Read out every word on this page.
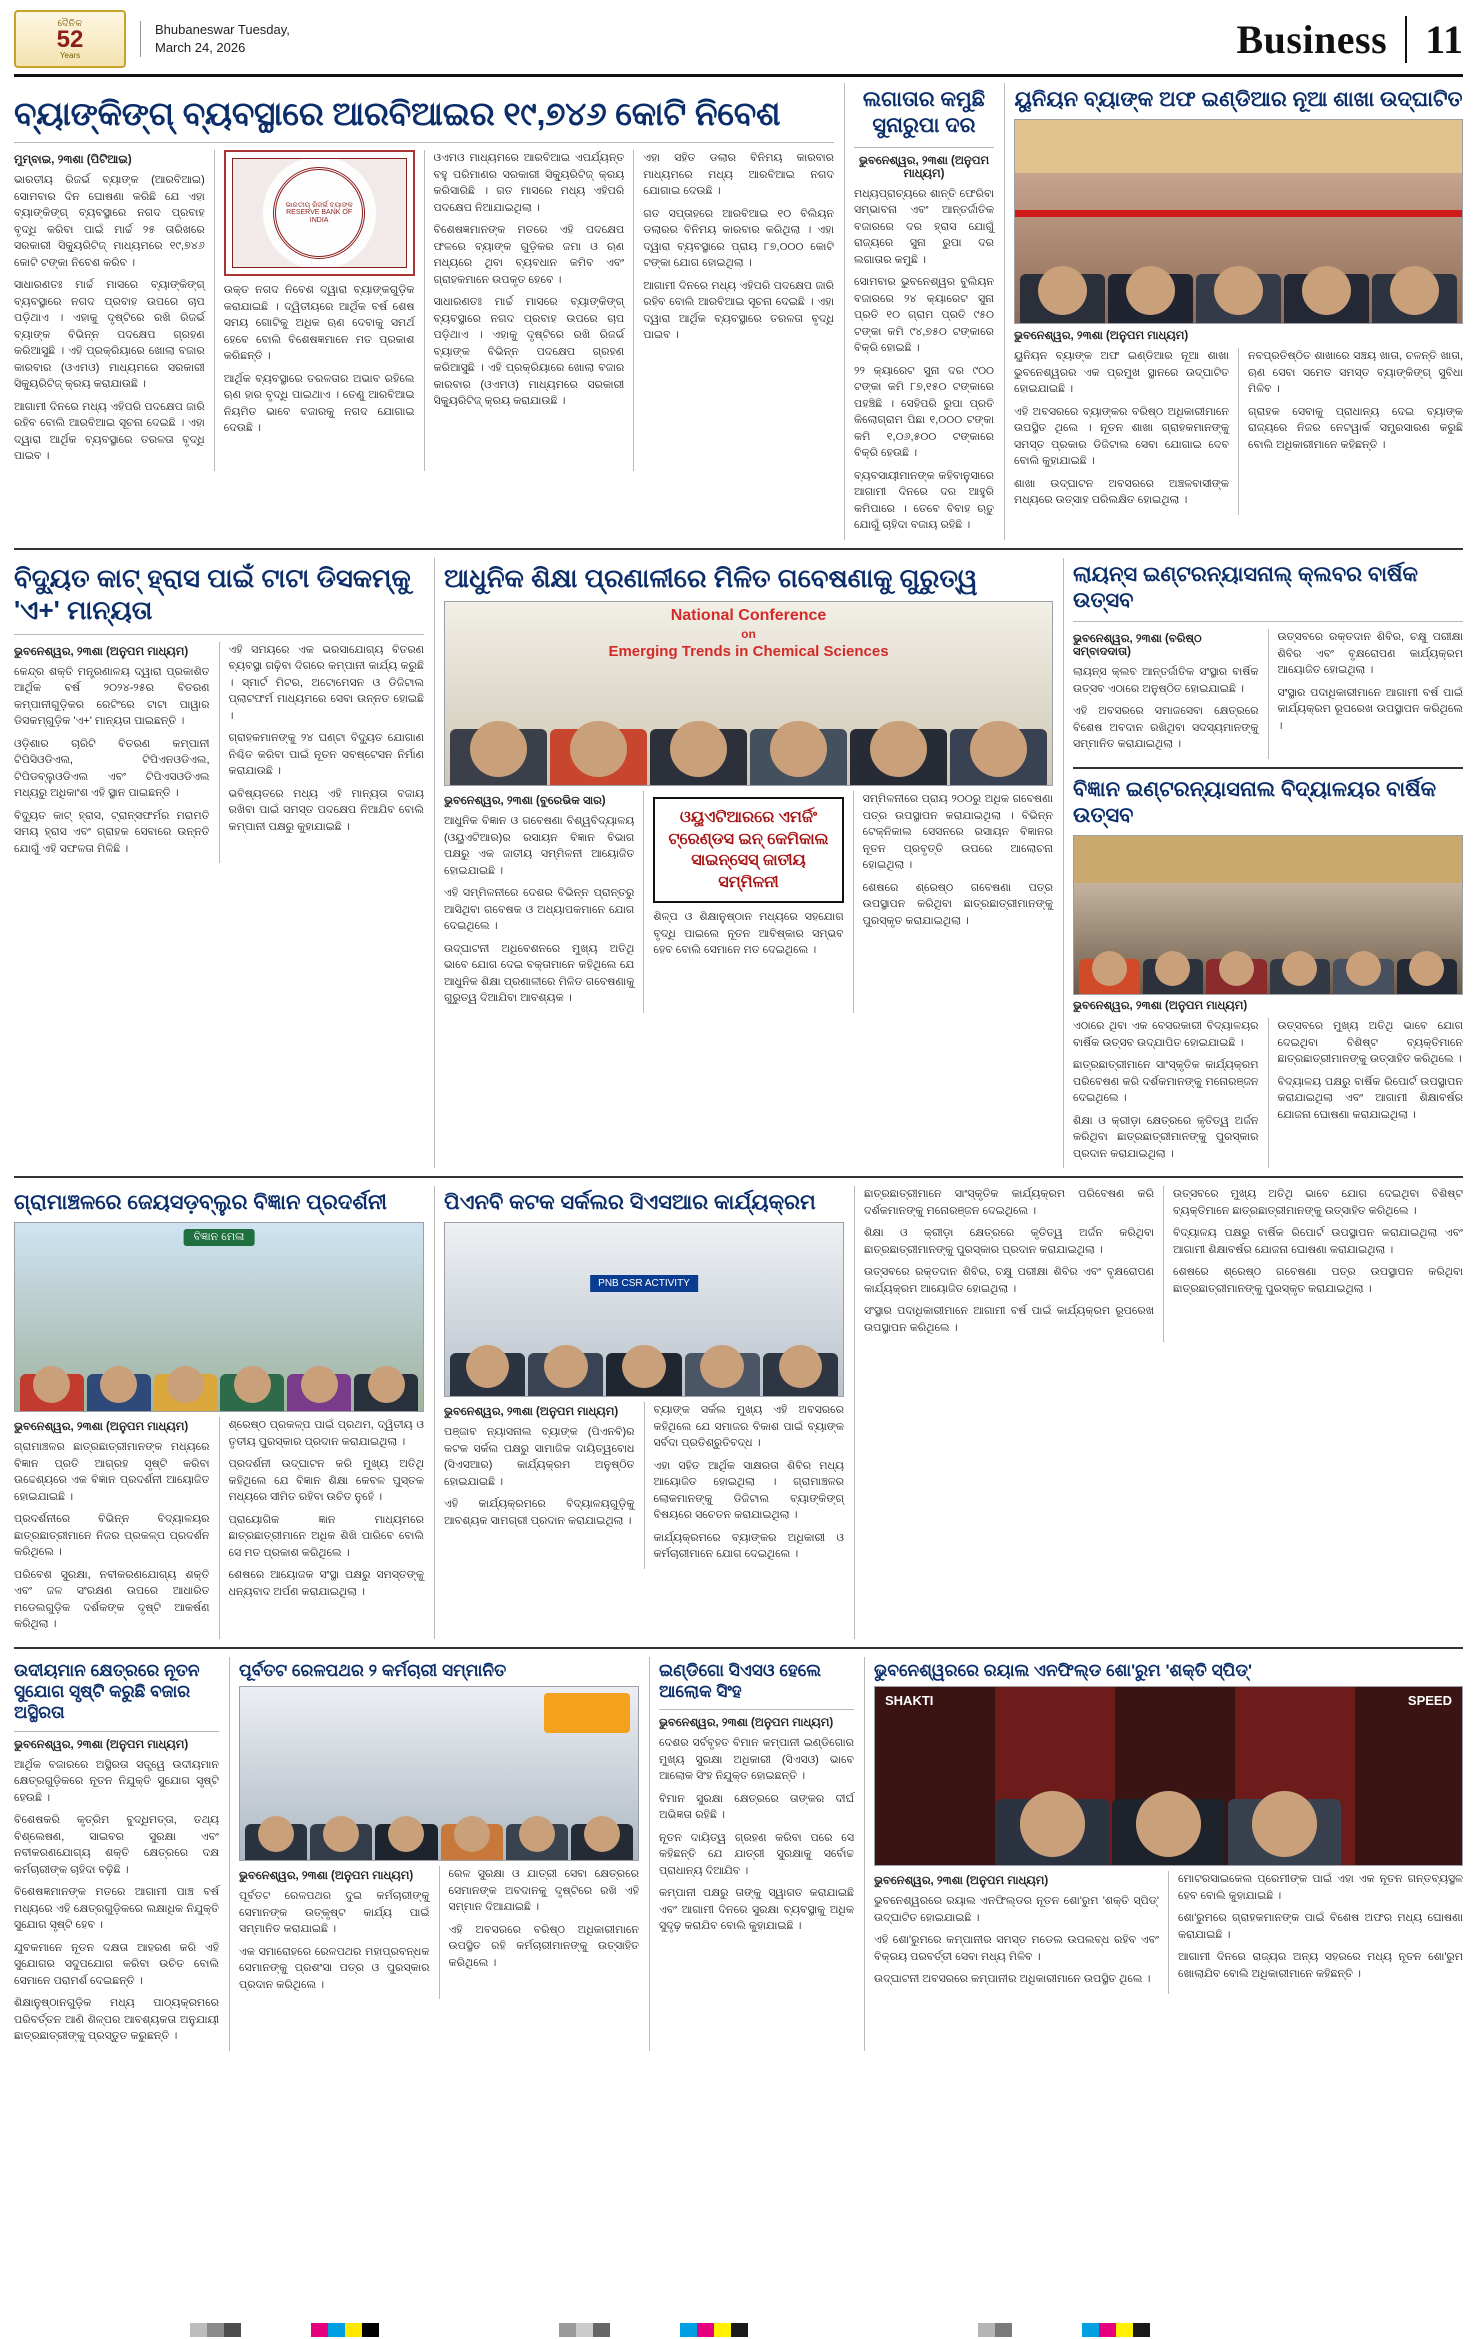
ଦୈନିକ
52
Years
Bhubaneswar Tuesday,
March 24, 2026	Business 11
ବ୍ୟାଙ୍କିଙ୍ଗ୍ ବ୍ୟବସ୍ଥାରେ ଆରବିଆଇର ୧୯,୭୪୬ କୋଟି ନିବେଶ
ମୁମ୍ବାଇ, ୨୩ଶା (ପିଟିଆଇ)

ଭାରତୀୟ ରିଜର୍ଭ ବ୍ୟାଙ୍କ (ଆରବିଆଇ) ସୋମବାର ଦିନ ଘୋଷଣା କରିଛି ଯେ ଏହା ବ୍ୟାଙ୍କିଙ୍ଗ୍ ବ୍ୟବସ୍ଥାରେ ନଗଦ ପ୍ରବାହ ବୃଦ୍ଧି କରିବା ପାଇଁ ମାର୍ଚ୍ଚ ୨୫ ତାରିଖରେ ସରକାରୀ ସିକ୍ୟୁରିଟିଜ୍ ମାଧ୍ୟମରେ ୧୯,୭୪୬ କୋଟି ଟଙ୍କା ନିବେଶ କରିବ ।

ସାଧାରଣତଃ ମାର୍ଚ୍ଚ ମାସରେ ବ୍ୟାଙ୍କିଙ୍ଗ୍ ବ୍ୟବସ୍ଥାରେ ନଗଦ ପ୍ରବାହ ଉପରେ ଚାପ ପଡ଼ିଥାଏ । ଏହାକୁ ଦୃଷ୍ଟିରେ ରଖି ରିଜର୍ଭ ବ୍ୟାଙ୍କ ବିଭିନ୍ନ ପଦକ୍ଷେପ ଗ୍ରହଣ କରିଆସୁଛି । ଏହି ପ୍ରକ୍ରିୟାରେ ଖୋଲା ବଜାର କାରବାର (ଓଏମଓ) ମାଧ୍ୟମରେ ସରକାରୀ ସିକ୍ୟୁରିଟିଜ୍ କ୍ରୟ କରାଯାଉଛି ।

ଆଗାମୀ ଦିନରେ ମଧ୍ୟ ଏହିପରି ପଦକ୍ଷେପ ଜାରି ରହିବ ବୋଲି ଆରବିଆଇ ସୂଚନା ଦେଇଛି । ଏହା ଦ୍ୱାରା ଆର୍ଥିକ ବ୍ୟବସ୍ଥାରେ ତରଳତା ବୃଦ୍ଧି ପାଇବ ।

ଭାରତୀୟ ରିଜର୍ଭ ବ୍ୟାଙ୍କ RESERVE BANK OF INDIA

ଉକ୍ତ ନଗଦ ନିବେଶ ଦ୍ୱାରା ବ୍ୟାଙ୍କଗୁଡ଼ିକ କରାଯାଇଛି । ଦ୍ୱିତୀୟରେ ଆର୍ଥିକ ବର୍ଷ ଶେଷ ସମୟ ଗୋଟିକୁ ଅଧିକ ଋଣ ଦେବାକୁ ସମର୍ଥ ହେବେ ବୋଲି ବିଶେଷଜ୍ଞମାନେ ମତ ପ୍ରକାଶ କରିଛନ୍ତି ।

ଆର୍ଥିକ ବ୍ୟବସ୍ଥାରେ ତରଳତାର ଅଭାବ ରହିଲେ ଋଣ ହାର ବୃଦ୍ଧି ପାଇଥାଏ । ତେଣୁ ଆରବିଆଇ ନିୟମିତ ଭାବେ ବଜାରକୁ ନଗଦ ଯୋଗାଇ ଦେଉଛି ।

ଓଏମଓ ମାଧ୍ୟମରେ ଆରବିଆଇ ଏପର୍ଯ୍ୟନ୍ତ ବହୁ ପରିମାଣର ସରକାରୀ ସିକ୍ୟୁରିଟିଜ୍ କ୍ରୟ କରିସାରିଛି । ଗତ ମାସରେ ମଧ୍ୟ ଏହିପରି ପଦକ୍ଷେପ ନିଆଯାଇଥିଲା ।

ବିଶେଷଜ୍ଞମାନଙ୍କ ମତରେ ଏହି ପଦକ୍ଷେପ ଫଳରେ ବ୍ୟାଙ୍କ ଗୁଡ଼ିକର ଜମା ଓ ଋଣ ମଧ୍ୟରେ ଥିବା ବ୍ୟବଧାନ କମିବ ଏବଂ ଗ୍ରାହକମାନେ ଉପକୃତ ହେବେ ।

ସାଧାରଣତଃ ମାର୍ଚ୍ଚ ମାସରେ ବ୍ୟାଙ୍କିଙ୍ଗ୍ ବ୍ୟବସ୍ଥାରେ ନଗଦ ପ୍ରବାହ ଉପରେ ଚାପ ପଡ଼ିଥାଏ । ଏହାକୁ ଦୃଷ୍ଟିରେ ରଖି ରିଜର୍ଭ ବ୍ୟାଙ୍କ ବିଭିନ୍ନ ପଦକ୍ଷେପ ଗ୍ରହଣ କରିଆସୁଛି । ଏହି ପ୍ରକ୍ରିୟାରେ ଖୋଲା ବଜାର କାରବାର (ଓଏମଓ) ମାଧ୍ୟମରେ ସରକାରୀ ସିକ୍ୟୁରିଟିଜ୍ କ୍ରୟ କରାଯାଉଛି ।

ଏହା ସହିତ ଡଲାର ବିନିମୟ କାରବାର ମାଧ୍ୟମରେ ମଧ୍ୟ ଆରବିଆଇ ନଗଦ ଯୋଗାଇ ଦେଉଛି ।

ଗତ ସପ୍ତାହରେ ଆରବିଆଇ ୧୦ ବିଲିୟନ ଡଲାରର ବିନିମୟ କାରବାର କରିଥିଲା । ଏହା ଦ୍ୱାରା ବ୍ୟବସ୍ଥାରେ ପ୍ରାୟ ୮୭,୦୦୦ କୋଟି ଟଙ୍କା ଯୋଗ ହୋଇଥିଲା ।

ଆଗାମୀ ଦିନରେ ମଧ୍ୟ ଏହିପରି ପଦକ୍ଷେପ ଜାରି ରହିବ ବୋଲି ଆରବିଆଇ ସୂଚନା ଦେଇଛି । ଏହା ଦ୍ୱାରା ଆର୍ଥିକ ବ୍ୟବସ୍ଥାରେ ତରଳତା ବୃଦ୍ଧି ପାଇବ ।

ଲଗାତାର କମୁଛି ସୁନାରୁପା ଦର
ଭୁବନେଶ୍ୱର, ୨୩ଶା (ଅନୁପମ ମାଧ୍ୟମ)

ମଧ୍ୟପ୍ରାଚ୍ୟରେ ଶାନ୍ତି ଫେରିବା ସମ୍ଭାବନା ଏବଂ ଆନ୍ତର୍ଜାତିକ ବଜାରରେ ଦର ହ୍ରାସ ଯୋଗୁଁ ରାଜ୍ୟରେ ସୁନା ରୁପା ଦର ଲଗାତାର କମୁଛି ।

ସୋମବାର ଭୁବନେଶ୍ୱର ବୁଲିୟନ ବଜାରରେ ୨୪ କ୍ୟାରେଟ ସୁନା ପ୍ରତି ୧୦ ଗ୍ରାମ ପ୍ରତି ୯୫୦ ଟଙ୍କା କମି ୯୪,୭୫୦ ଟଙ୍କାରେ ବିକ୍ରି ହୋଇଛି ।

୨୨ କ୍ୟାରେଟ ସୁନା ଦର ୯୦୦ ଟଙ୍କା କମି ୮୭,୧୫୦ ଟଙ୍କାରେ ପହଞ୍ଚିଛି । ସେହିପରି ରୁପା ପ୍ରତି କିଲୋଗ୍ରାମ ପିଛା ୧,୦୦୦ ଟଙ୍କା କମି ୧,୦୬,୫୦୦ ଟଙ୍କାରେ ବିକ୍ରି ହେଉଛି ।

ବ୍ୟବସାୟୀମାନଙ୍କ କହିବାନୁସାରେ ଆଗାମୀ ଦିନରେ ଦର ଆହୁରି କମିପାରେ । ତେବେ ବିବାହ ଋତୁ ଯୋଗୁଁ ଚାହିଦା ବଜାୟ ରହିଛି ।

ୟୁନିୟନ ବ୍ୟାଙ୍କ ଅଫ ଇଣ୍ଡିଆର ନୂଆ ଶାଖା ଉଦ୍‌ଘାଟିତ
ଭୁବନେଶ୍ୱର, ୨୩ଶା (ଅନୁପମ ମାଧ୍ୟମ)

ୟୁନିୟନ ବ୍ୟାଙ୍କ ଅଫ ଇଣ୍ଡିଆର ନୂଆ ଶାଖା ଭୁବନେଶ୍ୱରର ଏକ ପ୍ରମୁଖ ସ୍ଥାନରେ ଉଦ୍‌ଘାଟିତ ହୋଇଯାଇଛି ।

ଏହି ଅବସରରେ ବ୍ୟାଙ୍କର ବରିଷ୍ଠ ଅଧିକାରୀମାନେ ଉପସ୍ଥିତ ଥିଲେ । ନୂତନ ଶାଖା ଗ୍ରାହକମାନଙ୍କୁ ସମସ୍ତ ପ୍ରକାର ଡିଜିଟାଲ ସେବା ଯୋଗାଇ ଦେବ ବୋଲି କୁହାଯାଇଛି ।

ଶାଖା ଉଦ୍‌ଘାଟନ ଅବସରରେ ଅଞ୍ଚଳବାସୀଙ୍କ ମଧ୍ୟରେ ଉତ୍ସାହ ପରିଲକ୍ଷିତ ହୋଇଥିଲା ।

ନବପ୍ରତିଷ୍ଠିତ ଶାଖାରେ ସଞ୍ଚୟ ଖାତା, ଚଳନ୍ତି ଖାତା, ଋଣ ସେବା ସମେତ ସମସ୍ତ ବ୍ୟାଙ୍କିଙ୍ଗ୍ ସୁବିଧା ମିଳିବ ।

ଗ୍ରାହକ ସେବାକୁ ପ୍ରାଧାନ୍ୟ ଦେଇ ବ୍ୟାଙ୍କ ରାଜ୍ୟରେ ନିଜର ନେଟୱାର୍କ ସମ୍ପ୍ରସାରଣ କରୁଛି ବୋଲି ଅଧିକାରୀମାନେ କହିଛନ୍ତି ।

ବିଦ୍ୟୁତ କାଟ୍ ହ୍ରାସ ପାଇଁ ଟାଟା ଡିସକମ୍‌କୁ 'ଏ+' ମାନ୍ୟତା
ଭୁବନେଶ୍ୱର, ୨୩ଶା (ଅନୁପମ ମାଧ୍ୟମ)

କେନ୍ଦ୍ର ଶକ୍ତି ମନ୍ତ୍ରଣାଳୟ ଦ୍ୱାରା ପ୍ରକାଶିତ ଆର୍ଥିକ ବର୍ଷ ୨୦୨୪-୨୫ର ବିତରଣ କମ୍ପାନୀଗୁଡ଼ିକର ରେଟିଂରେ ଟାଟା ପାୱାର ଡିସକମ୍ଗୁଡ଼ିକ 'ଏ+' ମାନ୍ୟତା ପାଇଛନ୍ତି ।

ଓଡ଼ିଶାର ଚାରିଟି ବିତରଣ କମ୍ପାନୀ ଟିପିସିଓଡିଏଲ, ଟିପିଏନଓଡିଏଲ, ଟିପିଡବ୍ଲୁଓଡିଏଲ ଏବଂ ଟିପିଏସଓଡିଏଲ ମଧ୍ୟରୁ ଅଧିକାଂଶ ଏହି ସ୍ଥାନ ପାଇଛନ୍ତି ।

ବିଦ୍ୟୁତ କାଟ୍ ହ୍ରାସ, ଟ୍ରାନ୍ସଫର୍ମର ମରାମତି ସମୟ ହ୍ରାସ ଏବଂ ଗ୍ରାହକ ସେବାରେ ଉନ୍ନତି ଯୋଗୁଁ ଏହି ସଫଳତା ମିଳିଛି ।

ଏହି ସମୟରେ ଏକ ଭରସାଯୋଗ୍ୟ ବିତରଣ ବ୍ୟବସ୍ଥା ଗଢ଼ିବା ଦିଗରେ କମ୍ପାନୀ କାର୍ଯ୍ୟ କରୁଛି । ସ୍ମାର୍ଟ ମିଟର, ଅଟୋମେସନ ଓ ଡିଜିଟାଲ ପ୍ଲାଟଫର୍ମ ମାଧ୍ୟମରେ ସେବା ଉନ୍ନତ ହୋଇଛି ।

ଗ୍ରାହକମାନଙ୍କୁ ୨୪ ଘଣ୍ଟା ବିଦ୍ୟୁତ ଯୋଗାଣ ନିଶ୍ଚିତ କରିବା ପାଇଁ ନୂତନ ସବଷ୍ଟେସନ ନିର୍ମାଣ କରାଯାଉଛି ।

ଭବିଷ୍ୟତରେ ମଧ୍ୟ ଏହି ମାନ୍ୟତା ବଜାୟ ରଖିବା ପାଇଁ ସମସ୍ତ ପଦକ୍ଷେପ ନିଆଯିବ ବୋଲି କମ୍ପାନୀ ପକ୍ଷରୁ କୁହାଯାଇଛି ।

ଆଧୁନିକ ଶିକ୍ଷା ପ୍ରଣାଳୀରେ ମିଳିତ ଗବେଷଣାକୁ ଗୁରୁତ୍ୱ
National Conference
on
Emerging Trends in Chemical Sciences
ଭୁବନେଶ୍ୱର, ୨୩ଶା (ବୁରେଭିକ ସାର)

ଆଧୁନିକ ବିଜ୍ଞାନ ଓ ଗବେଷଣା ବିଶ୍ୱବିଦ୍ୟାଳୟ (ଓୟୁଏଟିଆର)ର ରସାୟନ ବିଜ୍ଞାନ ବିଭାଗ ପକ୍ଷରୁ ଏକ ଜାତୀୟ ସମ୍ମିଳନୀ ଆୟୋଜିତ ହୋଇଯାଇଛି ।

ଏହି ସମ୍ମିଳନୀରେ ଦେଶର ବିଭିନ୍ନ ପ୍ରାନ୍ତରୁ ଆସିଥିବା ଗବେଷକ ଓ ଅଧ୍ୟାପକମାନେ ଯୋଗ ଦେଇଥିଲେ ।

ଉଦ୍‌ଘାଟନୀ ଅଧିବେଶନରେ ମୁଖ୍ୟ ଅତିଥି ଭାବେ ଯୋଗ ଦେଇ ବକ୍ତାମାନେ କହିଥିଲେ ଯେ ଆଧୁନିକ ଶିକ୍ଷା ପ୍ରଣାଳୀରେ ମିଳିତ ଗବେଷଣାକୁ ଗୁରୁତ୍ୱ ଦିଆଯିବା ଆବଶ୍ୟକ ।

ଓୟୁଏଟିଆରରେ ଏମର୍ଜିଂ ଟ୍ରେଣ୍ଡସ ଇନ୍ କେମିକାଲ ସାଇନ୍ସେସ୍ ଜାତୀୟ ସମ୍ମିଳନୀ

ଶିଳ୍ପ ଓ ଶିକ୍ଷାନୁଷ୍ଠାନ ମଧ୍ୟରେ ସହଯୋଗ ବୃଦ୍ଧି ପାଇଲେ ନୂତନ ଆବିଷ୍କାର ସମ୍ଭବ ହେବ ବୋଲି ସେମାନେ ମତ ଦେଇଥିଲେ ।

ସମ୍ମିଳନୀରେ ପ୍ରାୟ ୨୦୦ରୁ ଅଧିକ ଗବେଷଣା ପତ୍ର ଉପସ୍ଥାପନ କରାଯାଇଥିଲା । ବିଭିନ୍ନ ଟେକ୍ନିକାଲ ସେସନରେ ରସାୟନ ବିଜ୍ଞାନର ନୂତନ ପ୍ରବୃତ୍ତି ଉପରେ ଆଲୋଚନା ହୋଇଥିଲା ।

ଶେଷରେ ଶ୍ରେଷ୍ଠ ଗବେଷଣା ପତ୍ର ଉପସ୍ଥାପନ କରିଥିବା ଛାତ୍ରଛାତ୍ରୀମାନଙ୍କୁ ପୁରସ୍କୃତ କରାଯାଇଥିଲା ।

ଲାୟନ୍ସ ଇଣ୍ଟରନ୍ୟାସନାଲ୍ କ୍ଲବର ବାର୍ଷିକ ଉତ୍ସବ
ଭୁବନେଶ୍ୱର, ୨୩ଶା (ବରିଷ୍ଠ ସମ୍ବାଦଦାତା)

ଲାୟନ୍ସ କ୍ଲବ ଆନ୍ତର୍ଜାତିକ ସଂସ୍ଥାର ବାର୍ଷିକ ଉତ୍ସବ ଏଠାରେ ଅନୁଷ୍ଠିତ ହୋଇଯାଇଛି ।

ଏହି ଅବସରରେ ସମାଜସେବା କ୍ଷେତ୍ରରେ ବିଶେଷ ଅବଦାନ ରଖିଥିବା ସଦସ୍ୟମାନଙ୍କୁ ସମ୍ମାନିତ କରାଯାଇଥିଲା ।

ଉତ୍ସବରେ ରକ୍ତଦାନ ଶିବିର, ଚକ୍ଷୁ ପରୀକ୍ଷା ଶିବିର ଏବଂ ବୃକ୍ଷରୋପଣ କାର୍ଯ୍ୟକ୍ରମ ଆୟୋଜିତ ହୋଇଥିଲା ।

ସଂସ୍ଥାର ପଦାଧିକାରୀମାନେ ଆଗାମୀ ବର୍ଷ ପାଇଁ କାର୍ଯ୍ୟକ୍ରମ ରୂପରେଖ ଉପସ୍ଥାପନ କରିଥିଲେ ।

ବିଜ୍ଞାନ ଇଣ୍ଟରନ୍ୟାସନାଲ ବିଦ୍ୟାଳୟର ବାର୍ଷିକ ଉତ୍ସବ
ଭୁବନେଶ୍ୱର, ୨୩ଶା (ଅନୁପମ ମାଧ୍ୟମ)

ଏଠାରେ ଥିବା ଏକ ବେସରକାରୀ ବିଦ୍ୟାଳୟର ବାର୍ଷିକ ଉତ୍ସବ ଉଦ୍‌ଯାପିତ ହୋଇଯାଇଛି ।

ଛାତ୍ରଛାତ୍ରୀମାନେ ସାଂସ୍କୃତିକ କାର୍ଯ୍ୟକ୍ରମ ପରିବେଷଣ କରି ଦର୍ଶକମାନଙ୍କୁ ମନୋରଞ୍ଜନ ଦେଇଥିଲେ ।

ଶିକ୍ଷା ଓ କ୍ରୀଡ଼ା କ୍ଷେତ୍ରରେ କୃତିତ୍ୱ ଅର୍ଜନ କରିଥିବା ଛାତ୍ରଛାତ୍ରୀମାନଙ୍କୁ ପୁରସ୍କାର ପ୍ରଦାନ କରାଯାଇଥିଲା ।

ଉତ୍ସବରେ ମୁଖ୍ୟ ଅତିଥି ଭାବେ ଯୋଗ ଦେଇଥିବା ବିଶିଷ୍ଟ ବ୍ୟକ୍ତିମାନେ ଛାତ୍ରଛାତ୍ରୀମାନଙ୍କୁ ଉତ୍ସାହିତ କରିଥିଲେ ।

ବିଦ୍ୟାଳୟ ପକ୍ଷରୁ ବାର୍ଷିକ ରିପୋର୍ଟ ଉପସ୍ଥାପନ କରାଯାଇଥିଲା ଏବଂ ଆଗାମୀ ଶିକ୍ଷାବର୍ଷର ଯୋଜନା ଘୋଷଣା କରାଯାଇଥିଲା ।

ଗ୍ରାମାଞ୍ଚଳରେ ଜେୟସଡ଼ବ୍ଲୁର ବିଜ୍ଞାନ ପ୍ରଦର୍ଶନୀ
ବିଜ୍ଞାନ ମେଳା
ଭୁବନେଶ୍ୱର, ୨୩ଶା (ଅନୁପମ ମାଧ୍ୟମ)

ଗ୍ରାମାଞ୍ଚଳର ଛାତ୍ରଛାତ୍ରୀମାନଙ୍କ ମଧ୍ୟରେ ବିଜ୍ଞାନ ପ୍ରତି ଆଗ୍ରହ ସୃଷ୍ଟି କରିବା ଉଦ୍ଦେଶ୍ୟରେ ଏକ ବିଜ୍ଞାନ ପ୍ରଦର୍ଶନୀ ଆୟୋଜିତ ହୋଇଯାଇଛି ।

ପ୍ରଦର୍ଶନୀରେ ବିଭିନ୍ନ ବିଦ୍ୟାଳୟର ଛାତ୍ରଛାତ୍ରୀମାନେ ନିଜର ପ୍ରକଳ୍ପ ପ୍ରଦର୍ଶନ କରିଥିଲେ ।

ପରିବେଶ ସୁରକ୍ଷା, ନବୀକରଣଯୋଗ୍ୟ ଶକ୍ତି ଏବଂ ଜଳ ସଂରକ୍ଷଣ ଉପରେ ଆଧାରିତ ମଡେଲଗୁଡ଼ିକ ଦର୍ଶକଙ୍କ ଦୃଷ୍ଟି ଆକର୍ଷଣ କରିଥିଲା ।

ଶ୍ରେଷ୍ଠ ପ୍ରକଳ୍ପ ପାଇଁ ପ୍ରଥମ, ଦ୍ୱିତୀୟ ଓ ତୃତୀୟ ପୁରସ୍କାର ପ୍ରଦାନ କରାଯାଇଥିଲା ।

ପ୍ରଦର୍ଶନୀ ଉଦ୍‌ଘାଟନ କରି ମୁଖ୍ୟ ଅତିଥି କହିଥିଲେ ଯେ ବିଜ୍ଞାନ ଶିକ୍ଷା କେବଳ ପୁସ୍ତକ ମଧ୍ୟରେ ସୀମିତ ରହିବା ଉଚିତ ନୁହେଁ ।

ପ୍ରାୟୋଗିକ ଜ୍ଞାନ ମାଧ୍ୟମରେ ଛାତ୍ରଛାତ୍ରୀମାନେ ଅଧିକ ଶିଖି ପାରିବେ ବୋଲି ସେ ମତ ପ୍ରକାଶ କରିଥିଲେ ।

ଶେଷରେ ଆୟୋଜକ ସଂସ୍ଥା ପକ୍ଷରୁ ସମସ୍ତଙ୍କୁ ଧନ୍ୟବାଦ ଅର୍ପଣ କରାଯାଇଥିଲା ।

ପିଏନବି କଟକ ସର୍କଲର ସିଏସଆର କାର୍ଯ୍ୟକ୍ରମ
PNB CSR ACTIVITY
ଭୁବନେଶ୍ୱର, ୨୩ଶା (ଅନୁପମ ମାଧ୍ୟମ)

ପଞ୍ଜାବ ନ୍ୟାସନାଲ ବ୍ୟାଙ୍କ (ପିଏନବି)ର କଟକ ସର୍କଲ ପକ୍ଷରୁ ସାମାଜିକ ଦାୟିତ୍ୱବୋଧ (ସିଏସଆର) କାର୍ଯ୍ୟକ୍ରମ ଅନୁଷ୍ଠିତ ହୋଇଯାଇଛି ।

ଏହି କାର୍ଯ୍ୟକ୍ରମରେ ବିଦ୍ୟାଳୟଗୁଡ଼ିକୁ ଆବଶ୍ୟକ ସାମଗ୍ରୀ ପ୍ରଦାନ କରାଯାଇଥିଲା ।

ବ୍ୟାଙ୍କ ସର୍କଲ ମୁଖ୍ୟ ଏହି ଅବସରରେ କହିଥିଲେ ଯେ ସମାଜର ବିକାଶ ପାଇଁ ବ୍ୟାଙ୍କ ସର୍ବଦା ପ୍ରତିଶ୍ରୁତିବଦ୍ଧ ।

ଏହା ସହିତ ଆର୍ଥିକ ସାକ୍ଷରତା ଶିବିର ମଧ୍ୟ ଆୟୋଜିତ ହୋଇଥିଲା । ଗ୍ରାମାଞ୍ଚଳର ଲୋକମାନଙ୍କୁ ଡିଜିଟାଲ ବ୍ୟାଙ୍କିଙ୍ଗ୍ ବିଷୟରେ ସଚେତନ କରାଯାଇଥିଲା ।

କାର୍ଯ୍ୟକ୍ରମରେ ବ୍ୟାଙ୍କର ଅଧିକାରୀ ଓ କର୍ମଚାରୀମାନେ ଯୋଗ ଦେଇଥିଲେ ।

ଛାତ୍ରଛାତ୍ରୀମାନେ ସାଂସ୍କୃତିକ କାର୍ଯ୍ୟକ୍ରମ ପରିବେଷଣ କରି ଦର୍ଶକମାନଙ୍କୁ ମନୋରଞ୍ଜନ ଦେଇଥିଲେ ।

ଶିକ୍ଷା ଓ କ୍ରୀଡ଼ା କ୍ଷେତ୍ରରେ କୃତିତ୍ୱ ଅର୍ଜନ କରିଥିବା ଛାତ୍ରଛାତ୍ରୀମାନଙ୍କୁ ପୁରସ୍କାର ପ୍ରଦାନ କରାଯାଇଥିଲା ।

ଉତ୍ସବରେ ରକ୍ତଦାନ ଶିବିର, ଚକ୍ଷୁ ପରୀକ୍ଷା ଶିବିର ଏବଂ ବୃକ୍ଷରୋପଣ କାର୍ଯ୍ୟକ୍ରମ ଆୟୋଜିତ ହୋଇଥିଲା ।

ସଂସ୍ଥାର ପଦାଧିକାରୀମାନେ ଆଗାମୀ ବର୍ଷ ପାଇଁ କାର୍ଯ୍ୟକ୍ରମ ରୂପରେଖ ଉପସ୍ଥାପନ କରିଥିଲେ ।

ଉତ୍ସବରେ ମୁଖ୍ୟ ଅତିଥି ଭାବେ ଯୋଗ ଦେଇଥିବା ବିଶିଷ୍ଟ ବ୍ୟକ୍ତିମାନେ ଛାତ୍ରଛାତ୍ରୀମାନଙ୍କୁ ଉତ୍ସାହିତ କରିଥିଲେ ।

ବିଦ୍ୟାଳୟ ପକ୍ଷରୁ ବାର୍ଷିକ ରିପୋର୍ଟ ଉପସ୍ଥାପନ କରାଯାଇଥିଲା ଏବଂ ଆଗାମୀ ଶିକ୍ଷାବର୍ଷର ଯୋଜନା ଘୋଷଣା କରାଯାଇଥିଲା ।

ଶେଷରେ ଶ୍ରେଷ୍ଠ ଗବେଷଣା ପତ୍ର ଉପସ୍ଥାପନ କରିଥିବା ଛାତ୍ରଛାତ୍ରୀମାନଙ୍କୁ ପୁରସ୍କୃତ କରାଯାଇଥିଲା ।

ଉଦୀୟମାନ କ୍ଷେତ୍ରରେ ନୂତନ ସୁଯୋଗ ସୃଷ୍ଟି କରୁଛି ବଜାର ଅସ୍ଥିରତା
ଭୁବନେଶ୍ୱର, ୨୩ଶା (ଅନୁପମ ମାଧ୍ୟମ)

ଆର୍ଥିକ ବଜାରରେ ଅସ୍ଥିରତା ସତ୍ତ୍ୱେ ଉଦୀୟମାନ କ୍ଷେତ୍ରଗୁଡ଼ିକରେ ନୂତନ ନିଯୁକ୍ତି ସୁଯୋଗ ସୃଷ୍ଟି ହେଉଛି ।

ବିଶେଷକରି କୃତ୍ରିମ ବୁଦ୍ଧିମତ୍ତା, ତଥ୍ୟ ବିଶ୍ଲେଷଣ, ସାଇବର ସୁରକ୍ଷା ଏବଂ ନବୀକରଣଯୋଗ୍ୟ ଶକ୍ତି କ୍ଷେତ୍ରରେ ଦକ୍ଷ କର୍ମଚାରୀଙ୍କ ଚାହିଦା ବଢ଼ିଛି ।

ବିଶେଷଜ୍ଞମାନଙ୍କ ମତରେ ଆଗାମୀ ପାଞ୍ଚ ବର୍ଷ ମଧ୍ୟରେ ଏହି କ୍ଷେତ୍ରଗୁଡ଼ିକରେ ଲକ୍ଷାଧିକ ନିଯୁକ୍ତି ସୁଯୋଗ ସୃଷ୍ଟି ହେବ ।

ଯୁବକମାନେ ନୂତନ ଦକ୍ଷତା ଆହରଣ କରି ଏହି ସୁଯୋଗର ସଦୁପଯୋଗ କରିବା ଉଚିତ ବୋଲି ସେମାନେ ପରାମର୍ଶ ଦେଇଛନ୍ତି ।

ଶିକ୍ଷାନୁଷ୍ଠାନଗୁଡ଼ିକ ମଧ୍ୟ ପାଠ୍ୟକ୍ରମରେ ପରିବର୍ତ୍ତନ ଆଣି ଶିଳ୍ପର ଆବଶ୍ୟକତା ଅନୁଯାୟୀ ଛାତ୍ରଛାତ୍ରୀଙ୍କୁ ପ୍ରସ୍ତୁତ କରୁଛନ୍ତି ।

ପୂର୍ବତଟ ରେଳପଥର ୨ କର୍ମଚାରୀ ସମ୍ମାନିତ
ଭୁବନେଶ୍ୱର, ୨୩ଶା (ଅନୁପମ ମାଧ୍ୟମ)

ପୂର୍ବତଟ ରେଳପଥର ଦୁଇ କର୍ମଚାରୀଙ୍କୁ ସେମାନଙ୍କ ଉତ୍କୃଷ୍ଟ କାର୍ଯ୍ୟ ପାଇଁ ସମ୍ମାନିତ କରାଯାଇଛି ।

ଏକ ସମାରୋହରେ ରେଳପଥର ମହାପ୍ରବନ୍ଧକ ସେମାନଙ୍କୁ ପ୍ରଶଂସା ପତ୍ର ଓ ପୁରସ୍କାର ପ୍ରଦାନ କରିଥିଲେ ।

ରେଳ ସୁରକ୍ଷା ଓ ଯାତ୍ରୀ ସେବା କ୍ଷେତ୍ରରେ ସେମାନଙ୍କ ଅବଦାନକୁ ଦୃଷ୍ଟିରେ ରଖି ଏହି ସମ୍ମାନ ଦିଆଯାଇଛି ।

ଏହି ଅବସରରେ ବରିଷ୍ଠ ଅଧିକାରୀମାନେ ଉପସ୍ଥିତ ରହି କର୍ମଚାରୀମାନଙ୍କୁ ଉତ୍ସାହିତ କରିଥିଲେ ।

ଇଣ୍ଡିଗୋ ସିଏସଓ ହେଲେ ଆଲୋକ ସିଂହ
ଭୁବନେଶ୍ୱର, ୨୩ଶା (ଅନୁପମ ମାଧ୍ୟମ)

ଦେଶର ସର୍ବବୃହତ ବିମାନ କମ୍ପାନୀ ଇଣ୍ଡିଗୋର ମୁଖ୍ୟ ସୁରକ୍ଷା ଅଧିକାରୀ (ସିଏସଓ) ଭାବେ ଆଲୋକ ସିଂହ ନିଯୁକ୍ତ ହୋଇଛନ୍ତି ।

ବିମାନ ସୁରକ୍ଷା କ୍ଷେତ୍ରରେ ତାଙ୍କର ଦୀର୍ଘ ଅଭିଜ୍ଞତା ରହିଛି ।

ନୂତନ ଦାୟିତ୍ୱ ଗ୍ରହଣ କରିବା ପରେ ସେ କହିଛନ୍ତି ଯେ ଯାତ୍ରୀ ସୁରକ୍ଷାକୁ ସର୍ବୋଚ୍ଚ ପ୍ରାଧାନ୍ୟ ଦିଆଯିବ ।

କମ୍ପାନୀ ପକ୍ଷରୁ ତାଙ୍କୁ ସ୍ୱାଗତ କରାଯାଇଛି ଏବଂ ଆଗାମୀ ଦିନରେ ସୁରକ୍ଷା ବ୍ୟବସ୍ଥାକୁ ଅଧିକ ସୁଦୃଢ଼ କରାଯିବ ବୋଲି କୁହାଯାଇଛି ।

ଭୁବନେଶ୍ୱରରେ ରୟାଲ ଏନଫିଲ୍ଡ ଶୋ'ରୁମ 'ଶକ୍ତି ସ୍ପିଡ୍'
SHAKTI	SPEED
ଭୁବନେଶ୍ୱର, ୨୩ଶା (ଅନୁପମ ମାଧ୍ୟମ)

ଭୁବନେଶ୍ୱରରେ ରୟାଲ ଏନଫିଲ୍ଡର ନୂତନ ଶୋ'ରୁମ 'ଶକ୍ତି ସ୍ପିଡ୍' ଉଦ୍‌ଘାଟିତ ହୋଇଯାଇଛି ।

ଏହି ଶୋ'ରୁମରେ କମ୍ପାନୀର ସମସ୍ତ ମଡେଲ ଉପଲବ୍ଧ ରହିବ ଏବଂ ବିକ୍ରୟ ପରବର୍ତ୍ତୀ ସେବା ମଧ୍ୟ ମିଳିବ ।

ଉଦ୍‌ଘାଟନୀ ଅବସରରେ କମ୍ପାନୀର ଅଧିକାରୀମାନେ ଉପସ୍ଥିତ ଥିଲେ ।

ମୋଟରସାଇକେଲ ପ୍ରେମୀଙ୍କ ପାଇଁ ଏହା ଏକ ନୂତନ ଗନ୍ତବ୍ୟସ୍ଥଳ ହେବ ବୋଲି କୁହାଯାଇଛି ।

ଶୋ'ରୁମରେ ଗ୍ରାହକମାନଙ୍କ ପାଇଁ ବିଶେଷ ଅଫର ମଧ୍ୟ ଘୋଷଣା କରାଯାଇଛି ।

ଆଗାମୀ ଦିନରେ ରାଜ୍ୟର ଅନ୍ୟ ସହରରେ ମଧ୍ୟ ନୂତନ ଶୋ'ରୁମ ଖୋଲାଯିବ ବୋଲି ଅଧିକାରୀମାନେ କହିଛନ୍ତି ।
